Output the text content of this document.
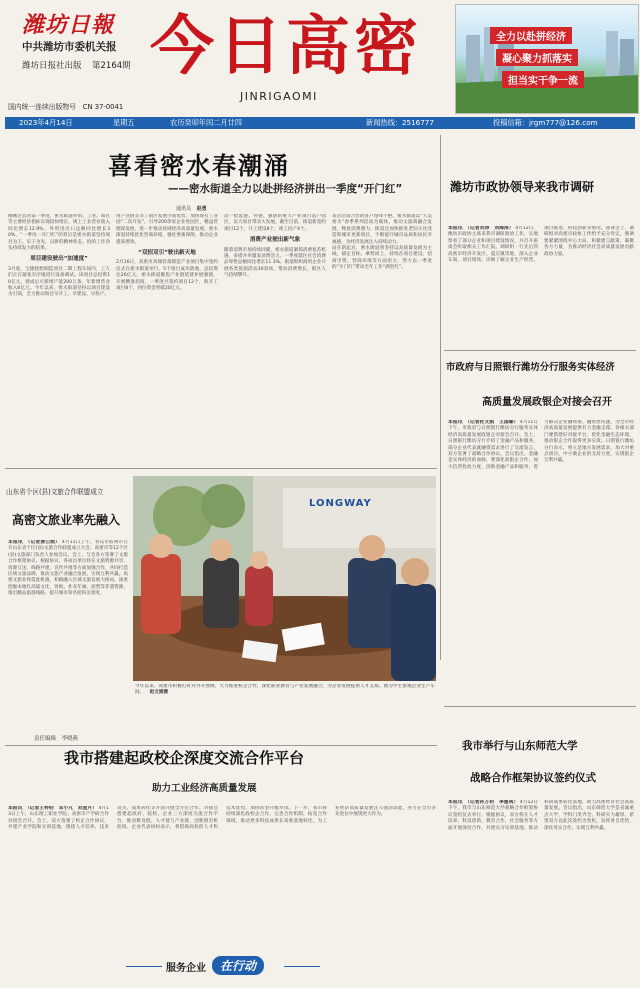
潍坊日報
中共潍坊市委机关报
潍坊日报社出版 第2164期
国内统一连续出版物号　CN 37-0041
今日高密
JINRIGAOMI
全力以赴拼经济
凝心聚力抓落实
担当实干争一流
2023年4月14日	星期五	农历癸卯年闰二月廿四	新闻热线：2516777	投稿信箱：jrgm777@126.com
喜看密水春潮涌
——密水街道全力以赴拼经济拼出一季度“开门红”
通讯员 赵勇
刚刚过去的第一季度，密水街道外贸、工业、项目等主要经济指标实现较快增长，规上工业营业收入同比增长12.9%，外贸进出口总额同比增长30%，“一季度一开门红”的背后是密水街道坚持项目为王、实干为先，以拼的精神状态、抢的工作劲头持续发力的结果。
项目建设驶出“加速度”
3月底，宝隆轮胎制造项目二期工程车间内，工人们正在紧张有序地进行设备调试。该项目总投资10亿元，建成后可新增产能200万条，年新增营业收入6亿元。今年以来，密水街道坚持以项目建设为引领，全力推动项目早开工、早建设、早投产。
用产业链等等了国区发展空间优势，加快现有工业园“二次开发”，引导200余家企业进园区，精益管理谋发展，进一步推动县域经济高质量发展。密水街道持续优化营商环境，强化要素保障，推动企业提质增效。
“双招双引”驶出新天地
2月16日，高密市高端装备制造产业项目集中签约仪式在密水街道举行，5个项目成功落地，总投资达26亿元。密水街道聚焦产业链延链补链强链，开展精准招商，一季度共签约项目12个，新开工项目8个，到位资金突破20亿元。
动一批延链、补链、强链的重大产业项目落户园区，以大项目带动大发展。截至目前，街道新签约项目12个，开工建设8个，竣工投产4个。
消费产业驶出新气象
随着消费市场持续回暖，密水街道紧抓消费复苏机遇，多措并举激发消费活力。一季度辖区社会消费品零售总额同比增长11.3%。街道组织商贸企业开展各类促销活动30余场，带动消费增长，街区人气持续攀升。
来店洽谈合作的客户络绎不绝。密水街道以“大美密水”春季系列活动为载体，推动文旅商融合发展，释放消费潜力。街道还加快推进老旧小区改造和城市更新项目，不断提升城市品质和居民幸福感，为经济发展注入持续动力。
站在新起点，密水街道将坚持以高质量发展为主线，锚定目标、乘势而上，持续在项目建设、招商引资、营商环境等方面用力，努力以一季度的“开门红”带动全年工作“满堂红”。
山东省个区(县)文旅合作联盟成立
高密文旅业率先融入
本报讯　（记者唐公勋） 4月11日上午，青岛市胶州市召开山东省个区(县)文旅合作联盟成立大会，高密市等12个区(县)文旅部门负责人参加会议。会上，与会各方签署了文旅合作框架协议。根据协议，各成员单位将在文旅资源共享、客源互送、线路共建、宣传共推等方面加强合作，共同打造区域文旅品牌，推动文旅产业融合发展，实现互利共赢。高密文旅业将借此机遇，积极融入区域文旅发展大格局，深度挖掘本地红高粱文化、剪纸、扑灰年画、泥塑等非遗资源，推出精品旅游线路，提升城市知名度和美誉度。
责任编辑　李晓燕
LONGWAY
今年以来，高密市积极打好对外开放牌，大力推进校企合作，深化职业教育与产业发展融合，为企业发展提供人才支撑。图为学生参观企业生产车间。 赵文娟摄
潍坊市政协领导来我市调研
本报讯　（记者刘涛　刘海涛） 4月12日，潍坊市政协主席来我市调研政协工作，实地察看了部分企业和项目建设情况，并召开座谈会听取相关工作汇报。调研组一行先后到高密市经济开发区、夏庄镇等地，深入企业车间、项目现场，详细了解企业生产经营、项目推进、科技创新等情况。座谈会上，调研组对高密市政协工作给予充分肯定，强调要紧紧围绕中心大局，积极建言献策，凝聚各方力量，为推动经济社会高质量发展贡献政协力量。
市政府与日照银行潍坊分行服务实体经济
高质量发展政银企对接会召开
本报讯　（记者杜文娟　王国臻） 4月11日下午，市政府与日照银行潍坊分行服务实体经济高质量发展政银企对接会召开。会上，日照银行潍坊分行介绍了金融产品和服务，部分企业代表就融资需求进行了交流发言，双方签署了战略合作协议。会议指出，金融是实体经济的血脉，要深化政银企合作，加大信贷投放力度，创新金融产品和服务，着力解决企业融资难、融资贵问题，为全市经济高质量发展提供有力金融支撑。各相关部门要搭建好对接平台，优化金融生态环境，推动银企合作取得更多实效。日照银行潍坊分行表示，将立足地方发展需求，加大对重点项目、中小微企业的支持力度，实现银企互利共赢。
我市举行与山东师范大学
战略合作框架协议签约仪式
本报讯　（记者孙万莉　李重禹） 4月12日下午，我市与山东师范大学战略合作框架协议签约仪式举行。根据协议，双方将在人才培养、科技创新、教育合作、社会服务等方面开展深度合作，共建实习实训基地，推动科研成果转化落地，助力高密经济社会高质量发展。会议指出，山东师范大学是省属重点大学，学科门类齐全、科研实力雄厚。希望双方以此次签约为契机，发挥各自优势，深化务实合作，实现互利共赢。
我市搭建起政校企深度交流合作平台
助力工业经济高质量发展
本报讯　（记者王梓钧　邓小凡　刘星月） 4月13日上午，山东理工职业学院、高密市产学研合作对接会召开。会上，双方签署了校企合作协议，共建产业学院和实训基地，围绕人才培养、技术攻关、成果转化等方面开展全方位合作。对接会搭建起政府、院校、企业三方深度交流合作平台，推动教育链、人才链与产业链、创新链有机衔接。企业代表纷纷表示，将借助高校的人才和技术优势，加快转型升级步伐。下一步，我市将持续深化政校企合作，完善合作机制，拓宽合作领域，推动更多科技成果在高密落地转化，为工业经济高质量发展注入强劲动能，努力在全市争先进位中展现更大作为。
服务企业	在行动
